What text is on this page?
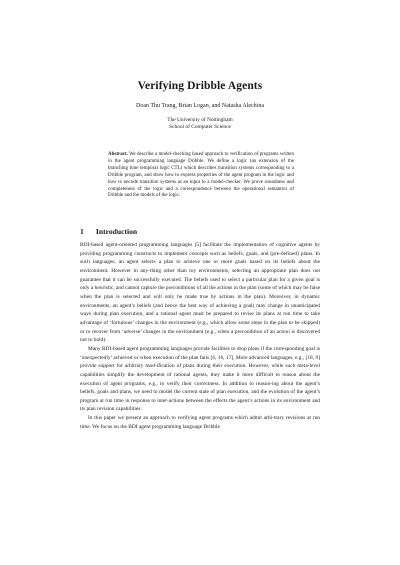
Verifying Dribble Agents
Doan Thu Trang, Brian Logan, and Natasha Alechina
The University of Nottingham
School of Computer Science
Abstract. We describe a model-checking based approach to verification of programs written in the agent programming language Dribble. We define a logic (an extension of the branching time temporal logic CTL) which describes transition systems corresponding to a Dribble program, and show how to express properties of the agent program in the logic and how to encode transition systems as an input to a model-checker. We prove soundness and completeness of the logic and a correspondence between the operational semantics of Dribble and the models of the logic.
1 Introduction

BDI-based agent-oriented programming languages [5] facilitate the implementation of cognitive agents by providing programming constructs to implement concepts such as beliefs, goals, and (pre-defined) plans. In such languages, an agent selects a plan to achieve one or more goals based on its beliefs about the environment. However in any-thing other than toy environments, selecting an appropriate plan does not guarantee that it can be successfully executed. The beliefs used to select a particular plan for a given goal is only a heuristic, and cannot capture the preconditions of all the actions in the plan (some of which may be false when the plan is selected and will only be made true by actions in the plan). Moreover, in dynamic environments, an agent’s beliefs (and hence the best way of achieving a goal) may change in unanticipated ways during plan execution, and a rational agent must be prepared to revise its plans at run time to take advantage of ‘fortuitous’ changes in the environment (e.g., which allow some steps in the plan to be skipped) or to recover from ‘adverse’ changes in the environment (e.g., when a precondition of an action is discovered not to hold).

Many BDI-based agent programming languages provide facilities to drop plans if the corresponding goal is ‘unexpectedly’ achieved or when execution of the plan fails [6, 16, 17]. More advanced languages, e.g., [18, 9] provide support for arbitrary mod-ification of plans during their execution. However, while such meta-level capabilities simplify the development of rational agents, they make it more difficult to reason about the execution of agent programs, e.g., to verify their correctness. In addition to reason-ing about the agent’s beliefs, goals and plans, we need to model the current state of plan execution, and the evolution of the agent’s program at run time in response to inter-actions between the effects the agent’s actions in its environment and its plan revision capabilities.

In this paper we present an approach to verifying agent programs which admit arbi-trary revisions at run time. We focus on the BDI agent programming language Dribble
